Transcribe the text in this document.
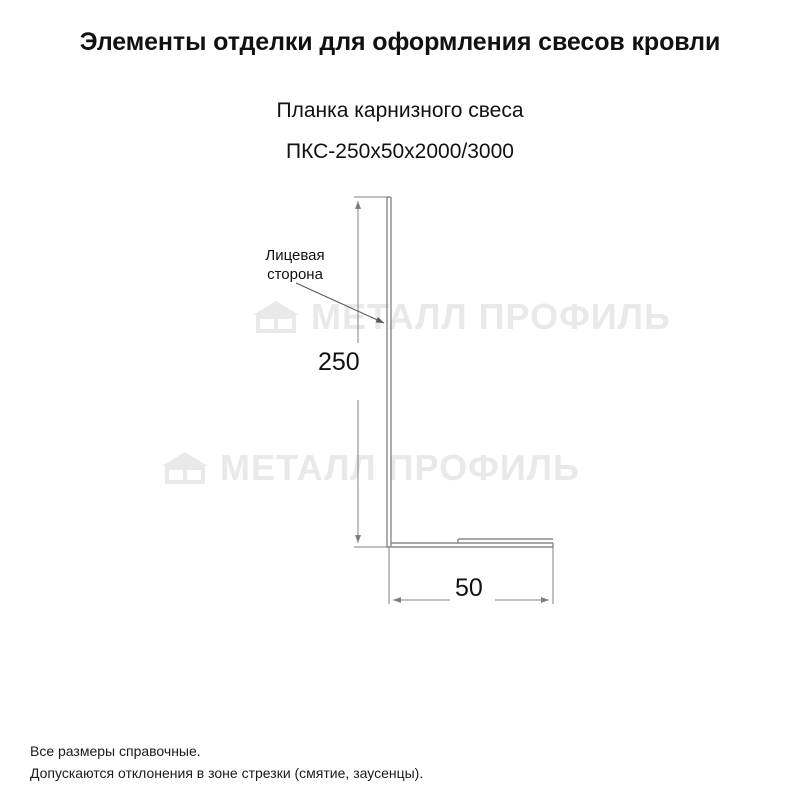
Элементы отделки для оформления свесов кровли
Планка карнизного свеса
ПКС-250x50x2000/3000
МЕТАЛЛ ПРОФИЛЬ
МЕТАЛЛ ПРОФИЛЬ
Лицевая
сторона
250
50
Все размеры справочные.
Допускаются отклонения в зоне стрезки (смятие, заусенцы).
